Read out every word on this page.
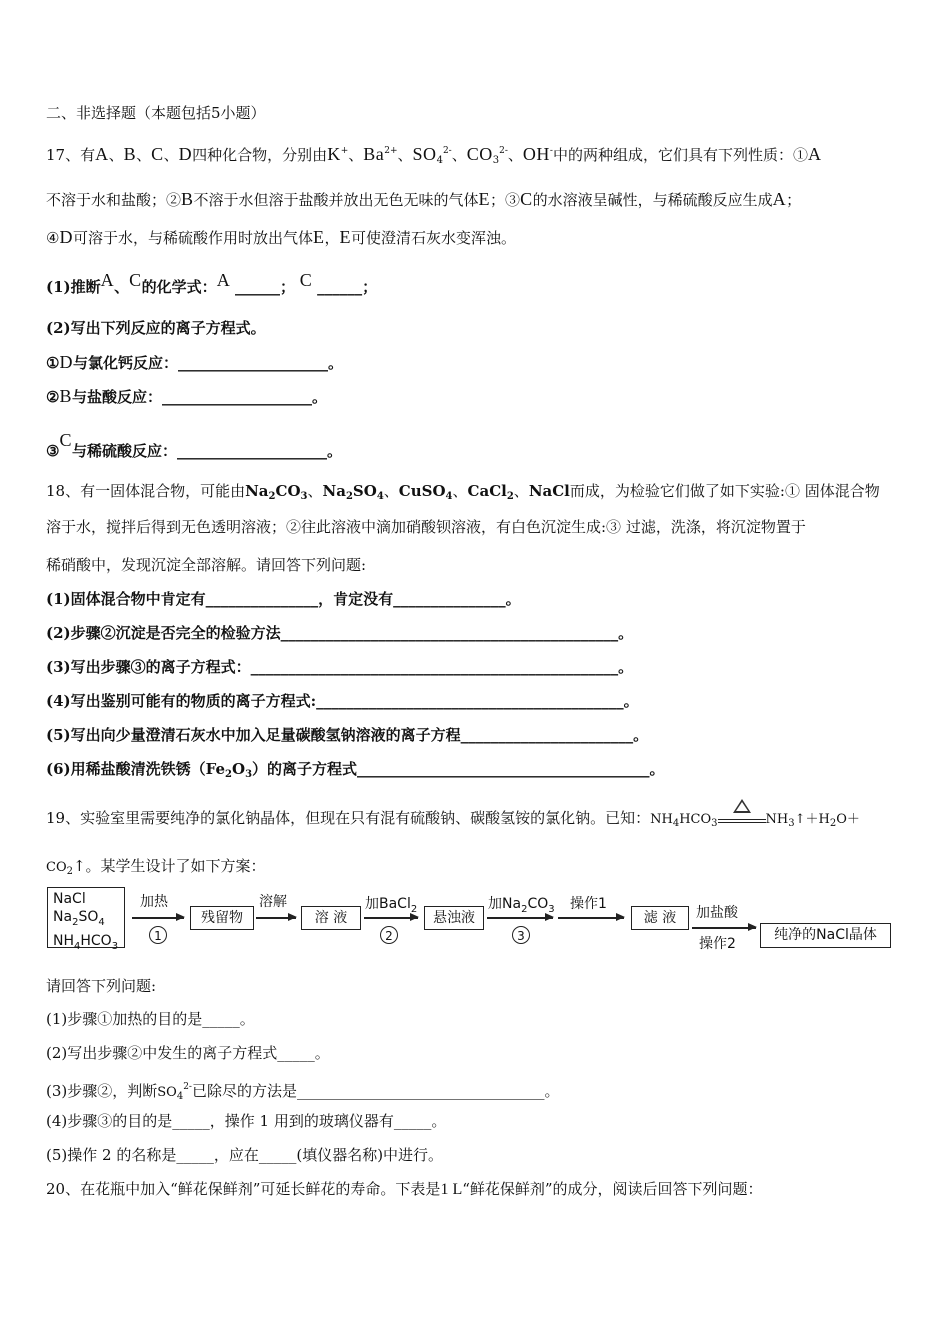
二、非选择题（本题包括5小题）
17、有A、B、C、D四种化合物，分别由K+、$Ba^{2+}$、$SO_4^{2-}$、$CO_3^{2-}$、OH-中的两种组成，它们具有下列性质：①A
不溶于水和盐酸；②B不溶于水但溶于盐酸并放出无色无味的气体E；③C的水溶液呈碱性，与稀硫酸反应生成A；
④D可溶于水，与稀硫酸作用时放出气体E，E可使澄清石灰水变浑浊。
(1)推断A、C的化学式：A ______； C ______；
(2)写出下列反应的离子方程式。
①D与氯化钙反应：____________________。
②B与盐酸反应：____________________。
③C与稀硫酸反应：____________________。
18、有一固体混合物，可能由$Na_2CO_3$、$Na_2SO_4$、CuSO$_4$、CaCl$_2$、NaCl而成，为检验它们做了如下实验:① 固体混合物
溶于水，搅拌后得到无色透明溶液；②往此溶液中滴加硝酸钡溶液，有白色沉淀生成:③ 过滤，洗涤，将沉淀物置于
稀硝酸中，发现沉淀全部溶解。请回答下列问题:
(1)固体混合物中肯定有_______________，肯定没有_______________。
(2)步骤②沉淀是否完全的检验方法_____________________________________________。
(3)写出步骤③的离子方程式：_________________________________________________。
(4)写出鉴别可能有的物质的离子方程式:_________________________________________。
(5)写出向少量澄清石灰水中加入足量碳酸氢钠溶液的离子方程_______________________。
(6)用稀盐酸清洗铁锈$(Fe_2O_3)$的离子方程式_______________________________________。
19、实验室里需要纯净的氯化钠晶体，但现在只有混有硫酸钠、碳酸氢铵的氯化钠。已知：$NH_4HCO_3$	$NH_3↑+H_2O+$
$CO_2↑$。某学生设计了如下方案：
NaCl
$Na_2SO_4$
$NH_4HCO_3$
加热
1
残留物
溶解
溶 液
加BaCl$_2$
2
悬浊液
加$Na_2CO_3$
3
操作1
滤 液	加盐酸
操作2
纯净的NaCl晶体
请回答下列问题:
(1)步骤①加热的目的是_____。
(2)写出步骤②中发生的离子方程式_____。
(3)步骤②，判断$SO_4^{2-}$已除尽的方法是_________________________________。
(4)步骤③的目的是_____，操作 1 用到的玻璃仪器有_____。
(5)操作 2 的名称是_____，应在_____(填仪器名称)中进行。
20、在花瓶中加入“鲜花保鲜剂”可延长鲜花的寿命。下表是1 L“鲜花保鲜剂”的成分，阅读后回答下列问题：
